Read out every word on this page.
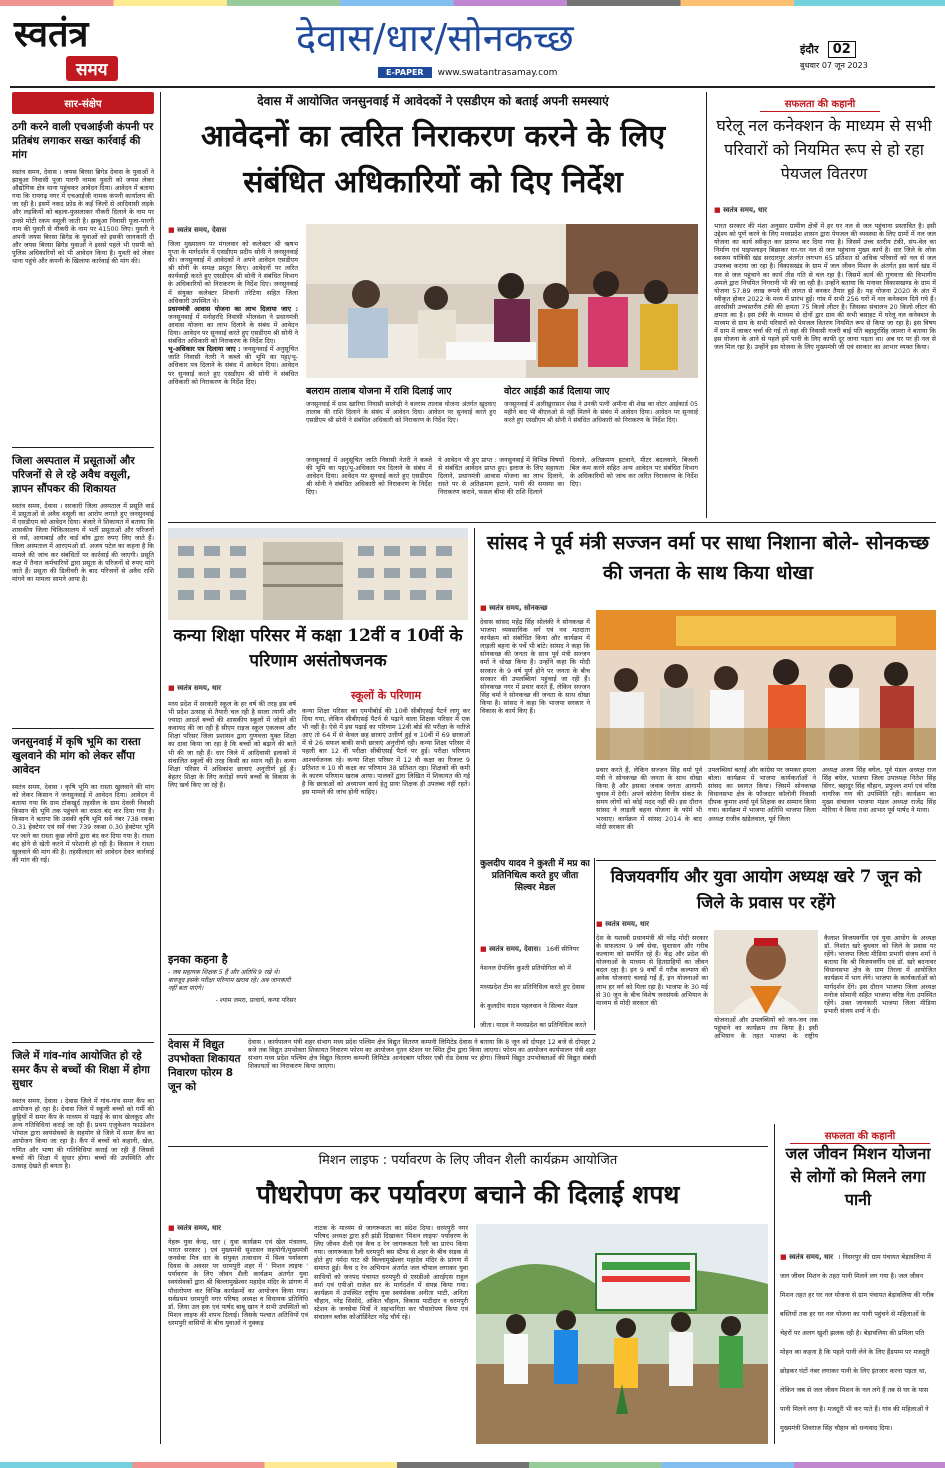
स्वतंत्र
समय
देवास/धार/सोनकच्छ
E-PAPER	www.swatantrasamay.com
इंदौर 02
बुधवार 07 जून 2023
सार-संक्षेप
ठगी करने वाली एचआईजी कंपनी पर प्रतिबंध लगाकर सख्त कार्रवाई की मांग
स्वतंत्र समय, देवास । जयस बिरसा ब्रिगेड देवास के युवाओं ने झाबुआ निवासी पूजा पारगी नामक युवती को जयस लेकर औद्योगिक क्षेत्र थाना पहुंचकर आवेदन दिया। आवेदन में बताया गया कि रायगढ़ नगर में एचआईजी नामक कंपनी कार्यालय की जा रही है। इसमें नकद फ्रोड के कई जिलों से आदिवासी लड़के और लड़कियों को बहला-फुसलाकर नौकरी दिलाने के नाम पर उनसे मोटी रकम वसूली जाती है। झाबुआ निवासी पूजा-पारगी नाम की युवती से नौकरी के नाम पर 41500 लिए। युवती ने अपनी जयस बिरसा ब्रिगेड के युवाओं को इसकी जानकारी दी और जयस बिरसा ब्रिगेड युवाओं ने इससे पहले भी एसपी को पुलिस अधिकारियों को भी आवेदन किया है। युवती को लेकर थाना पहुंचे और कंपनी के खिलाफ कार्रवाई की मांग की।
जिला अस्पताल में प्रसूताओं और परिजनों से ले रहे अवैध वसूली, ज्ञापन सौंपकर की शिकायत
स्वतंत्र समय, देवास । सरकारी जिला अस्पताल में प्रसूति वार्ड में प्रसूताओं से अवैध वसूली का आरोप लगाते हुए जनसुनवाई में एसडीएम को आवेदन दिया। बंजारे ने शिकायत में बताया कि शासकीय जिला चिकित्सालय में भर्ती प्रसूताओं और परिजनों से नर्स, आयाबाई और वार्ड बॉय द्वारा रुपए लिए जाते हैं। जिला अस्पताल में आरएमओ डॉ. अजय पटेल का कहना है कि मामले की जांच कर संबंधितों पर कार्रवाई की जाएगी। प्रसूति कक्ष में तैनात कर्मचारियों द्वारा प्रसूता के परिजनों से रुपए मांगे जाते हैं। प्रसूता की डिलीवरी के बाद परिजनों से अवैध राशि मांगने का मामला सामने आया है।
जनसुनवाई में कृषि भूमि का रास्ता खुलवाने की मांग को लेकर सौंपा आवेदन
स्वतंत्र समय, देवास । कृषि भूमि का रास्ता खुलवाने की मांग को लेकर किसान ने जनसुनवाई में आवेदन दिया। आवेदन में बताया गया कि ग्राम टोंकखुर्द तहसील के ग्राम देवली निवासी किसान की भूमि तक पहुंचने का रास्ता बंद कर दिया गया है। किसान ने बताया कि उसकी कृषि भूमि सर्वे नंबर 738 रकबा 0.31 हेक्टेयर एवं सर्वे नंबर 739 रकबा 0.30 हेक्टेयर भूमि पर जाने का रास्ता कुछ लोगों द्वारा बंद कर दिया गया है। रास्ता बंद होने से खेती करने में परेशानी हो रही है। किसान ने रास्ता खुलवाने की मांग की है। तहसीलदार को आवेदन देकर कार्रवाई की मांग की गई।
जिले में गांव-गांव आयोजित हो रहे समर कैंप से बच्चों की शिक्षा में होगा सुधार
स्वतंत्र समय, देवास । देवास जिले में गांव-गांव समर कैंप का आयोजन हो रहा है। देवास जिले में स्कूली बच्चों को गर्मी की छुट्टियों में समर कैंप के माध्यम से पढ़ाई के साथ खेलकूद और अन्य गतिविधियां कराई जा रही हैं। प्रथम एजुकेशन फाउंडेशन भोपाल द्वारा स्वयंसेवकों के सहयोग से जिले में समर कैंप का आयोजन किया जा रहा है। कैंप में बच्चों को कहानी, खेल, गणित और भाषा की गतिविधियां कराई जा रही हैं जिससे बच्चों की शिक्षा में सुधार होगा। बच्चों की उपस्थिति और उत्साह देखते ही बनता है।
देवास में आयोजित जनसुनवाई में आवेदकों ने एसडीएम को बताई अपनी समस्याएं
आवेदनों का त्वरित निराकरण करने के लिए संबंधित अधिकारियों को दिए निर्देश
■ स्वतंत्र समय, देवास
जिला मुख्यालय पर मंगलवार को कलेक्टर श्री ऋषभ गुप्ता के मार्गदर्शन में एसडीएम प्रदीप सोनी ने जनसुनवाई की। जनसुनवाई में आवेदकों ने अपने आवेदन एसडीएम श्री सोनी के समक्ष प्रस्तुत किए। आवेदनों पर त्वरित कार्यवाही करते हुए एसडीएम श्री सोनी ने संबंधित विभाग के अधिकारियों को निराकरण के निर्देश दिए। जनसुनवाई में संयुक्त कलेक्टर शिवानी तरेटिया सहित जिला अधिकारी उपस्थित थे।
प्रधानमंत्री आवास योजना का लाभ दिलाया जाए : जनसुनवाई में मनोहरदि निवासी भीलवंशा ने प्रधानमंत्री आवास योजना का लाभ दिलाने के संबंध में आवेदन दिया। आवेदन पर सुनवाई करते हुए एसडीएम श्री सोनी ने संबंधित अधिकारी को निराकरण के निर्देश दिए।
भू-अधिकार पत्र दिलाया जाए : जनसुनवाई में अनुसूचित जाति निवासी नेतरी ने कब्जे की भूमि का पट्टा/भू-अधिकार पत्र दिलाने के संबंध में आवेदन दिया। आवेदन पर सुनवाई करते हुए एसडीएम श्री सोनी ने संबंधित अधिकारी को निराकरण के निर्देश दिए।
बलराम तालाब योजना में राशि दिलाई जाए
जनसुनवाई में ग्राम खारिया निवासी सालेन्द्री ने बलराम तालाब योजना अंतर्गत खुदवाए तालाब की राशि दिलाने के संबंध में आवेदन दिया। आवेदन पर सुनवाई करते हुए एसडीएम श्री सोनी ने संबंधित अधिकारी को निराकरण के निर्देश दिए।
वोटर आईडी कार्ड दिलाया जाए
जनसुनवाई में अलीखुरासान शेख ने उनकी पत्नी अमीना बी शेख का वोटर आईकार्ड 05 महीने बाद भी बीएलओ से नहीं मिलने के संबंध में आवेदन दिया। आवेदन पर सुनवाई करते हुए एसडीएम श्री सोनी ने संबंधित अधिकारी को निराकरण के निर्देश दिए।
जनसुनवाई में अनुसूचित जाति निवासी नेतरी ने कब्जे की भूमि का पट्टा/भू-अधिकार पत्र दिलाने के संबंध में आवेदन दिया। आवेदन पर सुनवाई करते हुए एसडीएम श्री सोनी ने संबंधित अधिकारी को निराकरण के निर्देश दिए।
ये आवेदन भी हुए प्राप्त : जनसुनवाई में विभिन्न विषयों से संबंधित आवेदन प्राप्त हुए। इलाज के लिए सहायता दिलाने, प्रधानमंत्री आवास योजना का लाभ दिलाने, रास्ते पर से अतिक्रमण हटाने, पानी की समस्या का निराकरण कराने, फसल बीमा की राशि दिलाने
दिलाने, अतिक्रमण हटवाने, मीटर बदलवाने, बिजली बिल कम करने सहित अन्य आवेदन पर संबंधित विभाग के अधिकारियों को जांच कर त्वरित निराकरण के निर्देश दिए।
सफलता की कहानी
घरेलू नल कनेक्शन के माध्यम से सभी परिवारों को नियमित रूप से हो रहा पेयजल वितरण
■ स्वतंत्र समय, धार
भारत सरकार की मंशा अनुसार ग्रामीण क्षेत्रों में हर घर नल से जल पहुंचाना प्रस्तावित है। इसी उद्देश्य को पूर्ण करने के लिए मध्यप्रदेश शासन द्वारा पेयजल की व्यवस्था के लिए ग्रामों में नल जल योजना का कार्य स्वीकृत कर प्रारम्भ कर दिया गया है। जिसमें उच्च स्तरीय टंकी, संप-वेल का निर्माण एवं पाइपलाइन बिछाकर घर-घर नल से जल पहुंचाना मुख्य कार्य है। धार जिले के लोक स्वास्थ्य यांत्रिकी खंड सरदारपुर अंतर्गत लगभग 65 प्रतिशत से अधिक परिवारों को नल से जल उपलब्ध कराया जा रहा है। विकासखंड के ग्राम में जल जीवन मिशन के अंतर्गत इस कार्य खंड में नल से जल पहुंचाने का कार्य तीव्र गति से चल रहा है। जिसमें कार्य की गुणवत्ता की विभागीय अमले द्वारा नियमित निगरानी भी की जा रही है। उन्होंने बताया कि मनावर विकासखण्ड के ग्राम में योजना 57.89 लाख रूपये की लागत से बनकर तैयार हुई है। यह योजना 2020 के अंत में स्वीकृत होकर 2022 के मध्य में प्रारंभ हुई। गांव में सभी 256 घरों में नल कनेक्शन दिये गये हैं। आरसीसी उच्चस्तरीय टंकी की क्षमता 75 किलो लीटर है। जिसका संचालन 20 किलो लीटर की क्षमता का है। इस टंकी के माध्यम से दोनों द्वार ग्राम की सभी बसाहट में घरेलू नल कनेक्शन के माध्यम से ग्राम के सभी परिवारों को पेयजल वितरण नियमित रूप से किया जा रहा है। इस विषय में ग्राम में जाकर चर्चा की गई तो वहां की निवासी गजरी बाई पति बहादुरसिंह जामरा ने बताया कि इस योजना के आने से पहले हमें पानी के लिए काफी दूर जाना पड़ता था। अब घर पर ही नल से जल मिल रहा है। उन्होंने इस योजना के लिए मुख्यमंत्री जी एवं सरकार का आभार व्यक्त किया।
कन्या शिक्षा परिसर में कक्षा 12वीं व 10वीं के परिणाम असंतोषजनक
■ स्वतंत्र समय, धार
मध्य प्रदेश में सरकारी स्कूल के हर वर्ष की तरह इस वर्ष भी प्रदेश उत्साह से तैयारी चल रही है साला त्यागी और ज्यादा आदर्श बच्चों की शासकीय स्कूलों में जोड़ने की कवायद की जा रही है सीएम राइज स्कूल एकलव्य और शिक्षा परिसर जिला प्रशासन द्वारा गुणवत्ता युक्त शिक्षा का दावा किया जा रहा है कि बच्चों को बढ़ाने की बातें भी की जा रही हैं। धार जिले में आदिवासी इलाकों में संचालित स्कूलों की तरह किसी का ध्यान नहीं है। कन्या शिक्षा परिसर में अधिकांश छात्राएं अनुत्तीर्ण हुई हैं। बेहतर शिक्षा के लिए करोड़ों रुपये बच्चों के विकास के लिए खर्च किए जा रहे हैं।
इनका कहना है
- जब सहायक शिक्षक 5 हैं और अतिथि 9 रखे थे। बावजूद इसके परीक्षा परिणाम खराब रहे। अब जानकारी नहीं बता पाएंगे।
- श्याम जमरा, प्राचार्य, कन्या परिसर
स्कूलों के परिणाम
कन्या शिक्षा परिसर का एमपीबोर्ड की 10वी सीबीएसई पैटर्न लागू कर दिया गया, लेकिन सीबीएसई पैटर्न से पढ़ाने वाला शिक्षक परिसर में एक भी नहीं है। ऐसे में इस पढ़ाई का परिणाम 12वी बोर्ड की परीक्षा के नतीजे आए तो 64 में से केवल छह छात्राएं उत्तीर्ण हुई व 10वीं में 69 छात्राओं में से 26 सफल बाकी सभी छात्राएं अनुत्तीर्ण रही। कन्या शिक्षा परिसर में पहली बार 12 वी परीक्षा सीबीएसई पैटर्न पर हुई। परीक्षा परिणाम आश्चर्यजनक रहे। कन्या शिक्षा परिसर में 12 वी कक्षा का रिजल्ट 9 प्रतिशत व 10 वी कक्षा का परिणाम 38 प्रतिशत रहा। शिक्षकों की कमी के कारण परिणाम खराब आया। पालकों द्वारा लिखित में शिकायत की गई है कि छात्राओं को अध्यापन कार्य हेतु प्रायः शिक्षक ही उपलब्ध नहीं रहते। इस मामले की जांच होनी चाहिए।
सांसद ने पूर्व मंत्री सज्जन वर्मा पर साधा निशाना बोले- सोनकच्छ की जनता के साथ किया धोखा
■ स्वतंत्र समय, सोनकच्छ
देवास सांसद महेंद्र सिंह सोलंकी ने सोनकच्छ में भाजपा व्यवसायिक वर्ग एवं नव मतदाता कार्यक्रम को संबोधित किया और कार्यक्रम में लाड़ली बहना के पर्चे भी बांटे। सांसद ने कहा कि सोनकच्छ की जनता के साथ पूर्व मंत्री सज्जन वर्मा ने धोखा किया है। उन्होंने कहा कि मोदी सरकार के 9 वर्ष पूर्ण होने पर जनता के बीच सरकार की उपलब्धियां पहुंचाई जा रही हैं। सोनकच्छ नगर में प्रचार करते हैं, लेकिन सज्जन सिंह वर्मा ने सोनकच्छ की जनता के साथ धोखा किया है। सांसद ने कहा कि भाजपा सरकार ने विकास के कार्य किए हैं।
प्रचार करते हैं, लेकिन सज्जन सिंह वर्मा पूर्व मंत्री ने सोनकच्छ की जनता के साथ धोखा किया है और इसका जवाब जनता आगामी चुनाव में देगी। अपने कोरोना वित्तीय संकट के समय लोगों को कोई मदद नहीं की। इस दौरान सांसद ने लाड़ली बहना योजना के फॉर्म भी भरवाए। कार्यक्रम में सांसद 2014 के बाद मोदी सरकार की
उपलब्धियां बताईं और कांग्रेस पर जमकर हमला बोला। कार्यक्रम में भाजपा कार्यकर्ताओं ने सांसद का स्वागत किया। जिसमें सोनकच्छ विधानसभा क्षेत्र के फौजदार कॉलोनी निवासी दीपक कुमार शर्मा पूर्व शिक्षक का सम्मान किया गया। कार्यक्रम में भाजपा अतिथि भाजपा जिला अध्यक्ष राजीव खंडेलवाल, पूर्व जिला
अध्यक्ष अजय सिंह बघेल, पूर्व मंडल अध्यक्ष राज सिंह बघेल, भाजपा जिला उपाध्यक्ष नितेश सिंह सिंगर, बहादुर सिंह चौहान, प्रफुल्ल शर्मा एवं वरिष्ठ नागरिक गण की उपस्थिति रही। कार्यक्रम का मुख्य संचालन भाजपा मंडल अध्यक्ष राजेंद्र सिंह मोरिया ने किया तथा आभार पूर्व पार्षद ने माना।
कुलदीप यादव ने कुश्ती में मप्र का प्रतिनिधित्व करते हुए जीता सिल्वर मेडल
■ स्वतंत्र समय, देवास। 16वीं सीनियर नेशनल ग्रेपलिंग कुश्ती प्रतियोगिता को में मध्यप्रदेश टीम का प्रतिनिधित्व करते हुए देवास के कुलदीप यादव पहलवान ने सिल्वर मेडल जीता। यादव ने मध्यप्रदेश का प्रतिनिधित्व करते
विजयवर्गीय और युवा आयोग अध्यक्ष खरे 7 जून को जिले के प्रवास पर रहेंगे
■ स्वतंत्र समय, धार
देश के यशस्वी प्रधानमंत्री श्री नरेंद्र मोदी सरकार के सफलतम 9 वर्ष सेवा, सुशासन और गरीब कल्याण को समर्पित रहे हैं। केंद्र और प्रदेश की योजनाओं के माध्यम से हितग्राहियों का जीवन बदल रहा है। इन 9 वर्षों में गरीब कल्याण की अनेक योजनाएं चलाई गईं हैं, इन योजनाओं का लाभ हर वर्ग को मिला रहा है। भाजपा के 30 मई से 30 जून के बीच विशेष जनसंपर्क अभियान के माध्यम से मोदी सरकार की
योजनाओं और उपलब्धियों को जन-जन तक पहुंचाने का कार्यक्रम तय किया है। इसी अभियान के तहत भाजपा के राष्ट्रीय
कैलाश विजयवर्गीय एवं युवा आयोग के अध्यक्ष डॉ. निशांत खरे बुधवार को जिले के प्रवास पर रहेंगे। भाजपा जिला मीडिया प्रभारी संजय शर्मा ने बताया कि श्री विजयवर्गीय एवं डॉ. खरे बदनावर विधानसभा क्षेत्र के ग्राम तिरला में आयोजित कार्यक्रम में भाग लेंगे। भाजपा के कार्यकर्ताओं को मार्गदर्शन देंगे। इस दौरान भाजपा जिला अध्यक्ष मनोज सोमानी सहित भाजपा वरिष्ठ नेता उपस्थित रहेंगे। उक्त जानकारी भाजपा जिला मीडिया प्रभारी संजय शर्मा ने दी।
देवास में विद्युत उपभोक्ता शिकायत निवारण फोरम 8 जून को
देवास । कार्यपालन यंत्री शहर संभाग मध्य प्रदेश पश्चिम क्षेत्र विद्युत वितरण कम्पनी लिमिटेड देवास ने बताया कि 8 जून को दोपहर 12 बजे से दोपहर 2 बजे तक विद्युत उपभोक्ता शिकायत निवारण फोरम का आयोजन नूतन स्टेशन पर स्थित ट्रीम द्वारा किया जाएगा। फोरम का आयोजन कार्यपालन यंत्री शहर संभाग मध्य प्रदेश पश्चिम क्षेत्र विद्युत वितरण कम्पनी लिमिटेड आनंदबाग परिसर एबी रोड देवास पर होगा। जिसमें विद्युत उपभोक्ताओं की विद्युत संबंधी शिकायतों का निराकरण किया जाएगा।
मिशन लाइफ : पर्यावरण के लिए जीवन शैली कार्यक्रम आयोजित
पौधरोपण कर पर्यावरण बचाने की दिलाई शपथ
■ स्वतंत्र समय, धार
नेहरू युवा केन्द्र, धार ( युवा कार्यक्रम एवं खेल मंत्रालय, भारत सरकार ) एवं मुख्यमंत्री सुशासन सहयोगी/मुख्यमंत्री जनसेवा मित्र धार के संयुक्त तत्वाधान में विश्व पर्यावरण दिवस के अवसर पर धरमपुरी शहर में ' मिशन लाइफ ' पर्यावरण के लिए जीवन शैली कार्यक्रम अंतर्गत युवा स्वयंसेवकों द्वारा श्री बिल्लामुखेश्वर महादेव मंदिर के प्रांगण में पौधारोपण कर विभिन्न कार्यक्रमों का आयोजन किया गया। सर्वप्रथम धरमपुरी नगर परिषद अध्यक्ष व विधायक प्रतिनिधि डॉ. जिया उल हक एवं पार्षद बाबू खान ने सभी उपस्थितों को मिशन लाइफ की शपथ दिलाई। जिसके पश्चात अतिथियों एवं धरमपुरी वासियों के बीच युवाओं ने नुक्कड़
नाटक के माध्यम से जागरूकता का संदेश दिया। धरमपुरी नगर परिषद अध्यक्ष द्वारा हरी झंडी दिखाकर 'मिशन लाइफ' पर्यावरण के लिए जीवन शैली एवं कैच द रेन जागरूकता रैली का प्रारंभ किया गया। जागरूकता रैली धरमपुरी बस स्टैण्ड से शहर के बीच सड़क से होते हुए नर्मदा घाट श्री बिल्लामुखेश्वर महादेव मंदिर के प्रांगण में समाप्त हुई। कैच द रेन अभियान अंतर्गत जल चौपाल लगाकर युवा साथियों को जनपद पंचायत धरमपुरी से एसडीओ आरईएस राहुल वर्मा एवं एपीओ राजेश सर के मार्गदर्शन में संपन्न किया गया। कार्यक्रम में उपस्थित राष्ट्रीय युवा स्वयंसेवक अनीता भाटी, अनिता चौहान, नरेंद्र सिसोदे, अंकित चौहान, विकास पाटीदार व धरमपुरी स्टेशन के जनसेवा मित्रों ने सहभागिता कर पौधारोपण किया एवं संचालन ब्लॉक कोऑर्डिनेटर नरेंद्र चौर्य रहे।
सफलता की कहानी
जल जीवन मिशन योजना से लोगों को मिलने लगा पानी
■ स्वतंत्र समय, धार । निसरपुर की ग्राम पंचायत बेड़ावलिया में जल जीवन मिशन के तहत पानी मिलने लग गया है। जल जीवन मिशन तहत हर घर नल योजना से ग्राम पंचायत बेड़ावलिया की गरीब बस्तियों तक हर घर नल योजना का पानी पहुंचने से महिलाओं के चेहरों पर अलग खुशी झलक रही है। बेड़ावलिया की प्रमिला पति मोहन का कहना है कि पहले पानी लेने के लिए हैंडपम्प पर मजदूरी छोड़कर घंटों नंबर लगाकर पानी के लिए इंतजार करना पड़ता था, लेकिन जब से जल जीवन मिशन के नल लगे हैं तब से घर के पास पानी मिलने लगा है। मजदूरी भी कर पाते हैं। गांव की महिलाओं ने मुख्यमंत्री शिवराज सिंह चौहान को धन्यवाद दिया।
